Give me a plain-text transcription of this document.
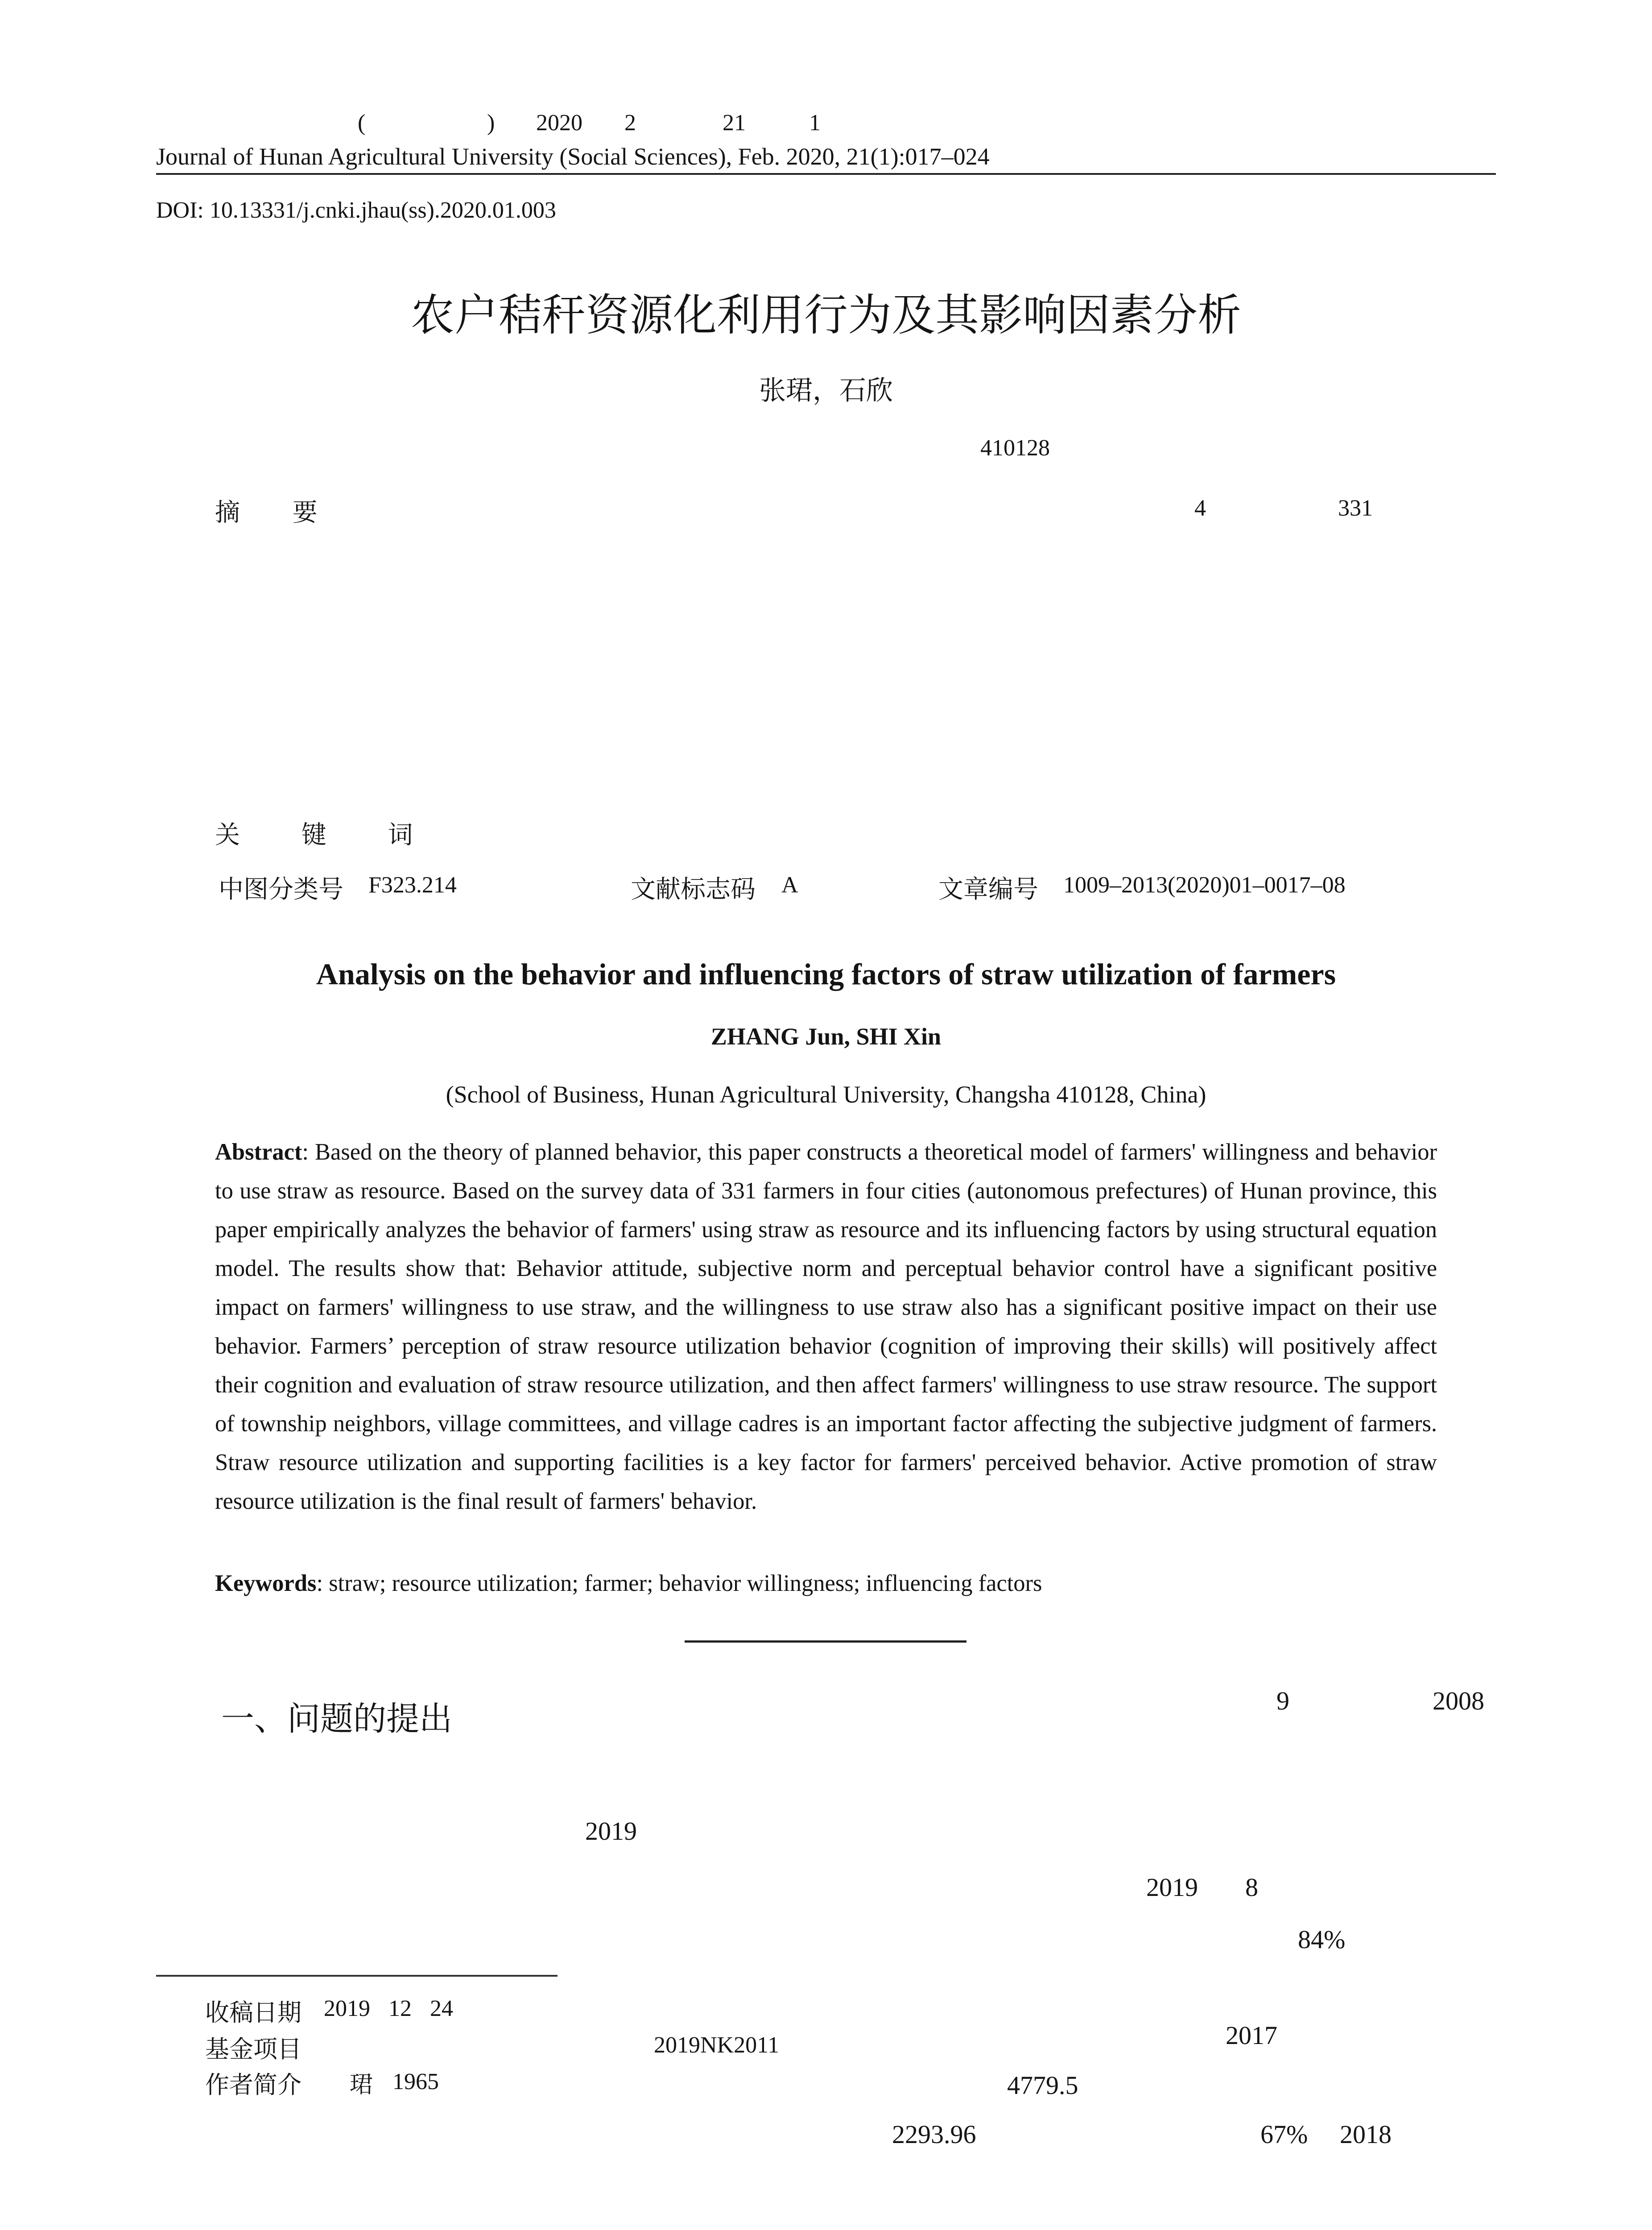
(	) 2020 2	21	1
Journal of Hunan Agricultural University (Social Sciences), Feb. 2020, 21(1):017–024
DOI: 10.13331/j.cnki.jhau(ss).2020.01.003
农户秸秆资源化利用行为及其影响因素分析
张珺，石欣
410128
摘 要	4	331
关 键 词
中图分类号 F323.214	文献标志码 A	文章编号 1009–2013(2020)01–0017–08
Analysis on the behavior and influencing factors of straw utilization of farmers
ZHANG Jun, SHI Xin
(School of Business, Hunan Agricultural University, Changsha 410128, China)
Abstract: Based on the theory of planned behavior, this paper constructs a theoretical model of farmers' willingness and behavior to use straw as resource. Based on the survey data of 331 farmers in four cities (autonomous prefectures) of Hunan province, this paper empirically analyzes the behavior of farmers' using straw as resource and its influencing factors by using structural equation model. The results show that: Behavior attitude, subjective norm and perceptual behavior control have a significant positive impact on farmers' willingness to use straw, and the willingness to use straw also has a significant positive impact on their use behavior. Farmers’ perception of straw resource utilization behavior (cognition of improving their skills) will positively affect their cognition and evaluation of straw resource utilization, and then affect farmers' willingness to use straw resource. The support of township neighbors, village committees, and village cadres is an important factor affecting the subjective judgment of farmers. Straw resource utilization and supporting facilities is a key factor for farmers' perceived behavior. Active promotion of straw resource utilization is the final result of farmers' behavior.
Keywords: straw; resource utilization; farmer; behavior willingness; influencing factors
一、问题的提出	9	2008
2019
2019 8
84%
2017
4779.5
2293.96	67% 2018
收稿日期 2019 12 24
基金项目	2019NK2011
作者简介 珺 1965
